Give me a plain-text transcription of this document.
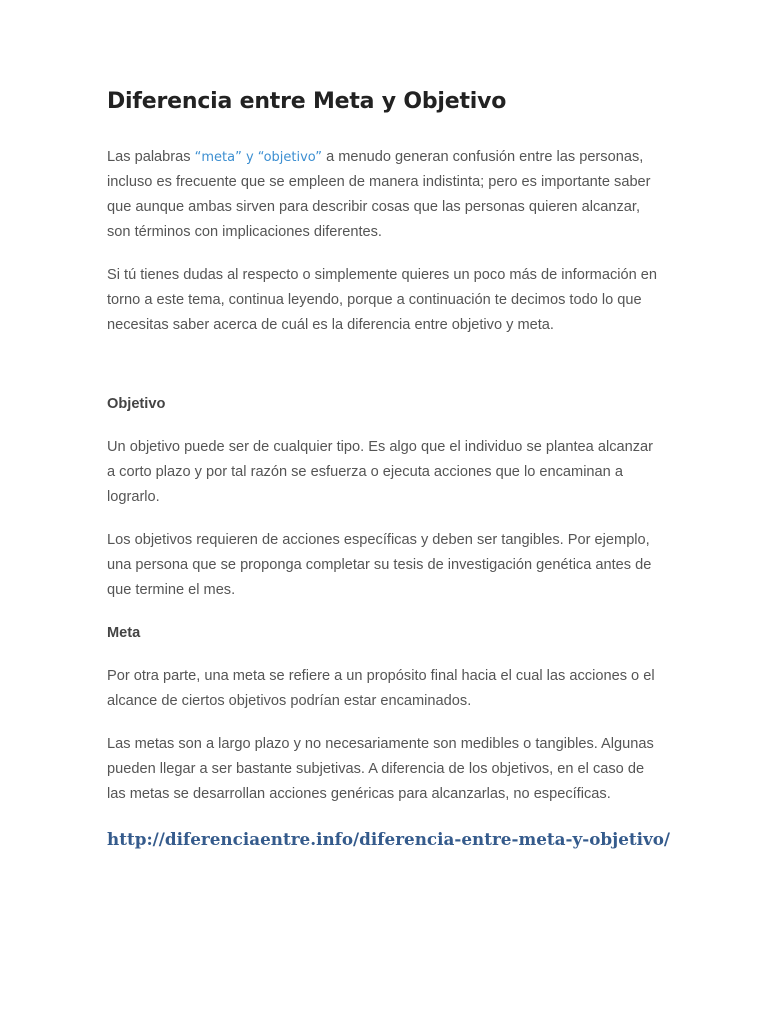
Diferencia entre Meta y Objetivo

Las palabras “meta” y “objetivo” a menudo generan confusión entre las personas, incluso es frecuente que se empleen de manera indistinta; pero es importante saber que aunque ambas sirven para describir cosas que las personas quieren alcanzar, son términos con implicaciones diferentes.

Si tú tienes dudas al respecto o simplemente quieres un poco más de información en torno a este tema, continua leyendo, porque a continuación te decimos todo lo que necesitas saber acerca de cuál es la diferencia entre objetivo y meta.

Objetivo

Un objetivo puede ser de cualquier tipo. Es algo que el individuo se plantea alcanzar a corto plazo y por tal razón se esfuerza o ejecuta acciones que lo encaminan a lograrlo.

Los objetivos requieren de acciones específicas y deben ser tangibles. Por ejemplo, una persona que se proponga completar su tesis de investigación genética antes de que termine el mes.

Meta

Por otra parte, una meta se refiere a un propósito final hacia el cual las acciones o el alcance de ciertos objetivos podrían estar encaminados.

Las metas son a largo plazo y no necesariamente son medibles o tangibles. Algunas pueden llegar a ser bastante subjetivas. A diferencia de los objetivos, en el caso de las metas se desarrollan acciones genéricas para alcanzarlas, no específicas.

http://diferenciaentre.info/diferencia-entre-meta-y-objetivo/
